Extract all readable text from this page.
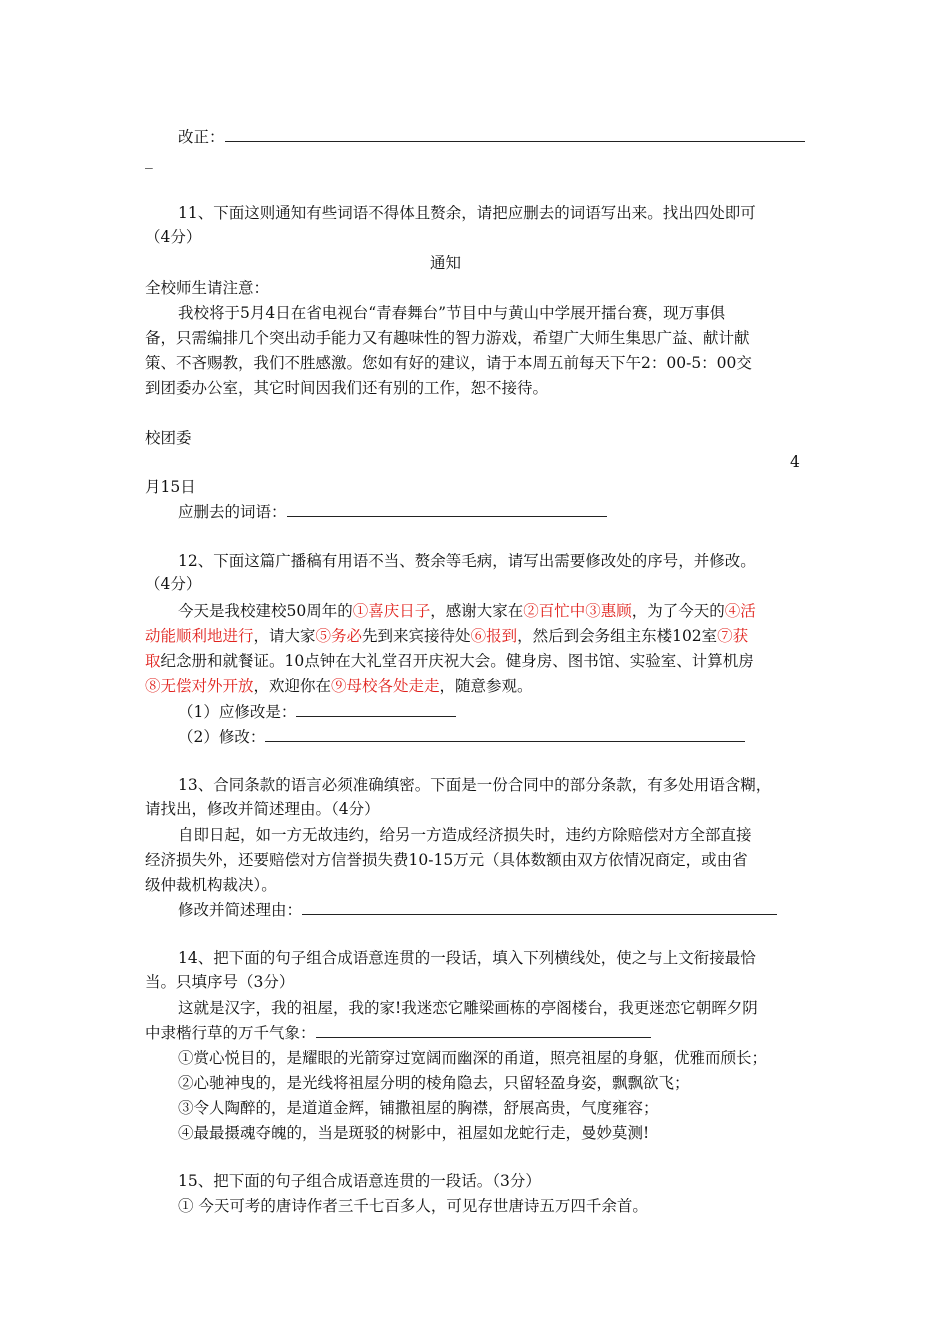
改正：
_
11、下面这则通知有些词语不得体且赘余，请把应删去的词语写出来。找出四处即可
（4分）
通知
全校师生请注意：
我校将于5月4日在省电视台“青春舞台”节目中与黄山中学展开擂台赛，现万事俱
备，只需编排几个突出动手能力又有趣味性的智力游戏，希望广大师生集思广益、献计献
策、不吝赐教，我们不胜感激。您如有好的建议，请于本周五前每天下午2：00-5：00交
到团委办公室，其它时间因我们还有别的工作，恕不接待。
校团委
4
月15日
应删去的词语：
12、下面这篇广播稿有用语不当、赘余等毛病，请写出需要修改处的序号，并修改。
（4分）
今天是我校建校50周年的①喜庆日子，感谢大家在②百忙中③惠顾，为了今天的④活
动能顺利地进行，请大家⑤务必先到来宾接待处⑥报到，然后到会务组主东楼102室⑦获
取纪念册和就餐证。10点钟在大礼堂召开庆祝大会。健身房、图书馆、实验室、计算机房
⑧无偿对外开放，欢迎你在⑨母校各处走走，随意参观。
（1）应修改是：
（2）修改：
13、合同条款的语言必须准确缜密。下面是一份合同中的部分条款，有多处用语含糊，
请找出，修改并简述理由。（4分）
自即日起，如一方无故违约，给另一方造成经济损失时，违约方除赔偿对方全部直接
经济损失外，还要赔偿对方信誉损失费10-15万元（具体数额由双方依情况商定，或由省
级仲裁机构裁决）。
修改并简述理由：
14、把下面的句子组合成语意连贯的一段话，填入下列横线处，使之与上文衔接最恰
当。只填序号（3分）
这就是汉字，我的祖屋，我的家!我迷恋它雕梁画栋的亭阁楼台，我更迷恋它朝晖夕阴
中隶楷行草的万千气象：
①赏心悦目的，是耀眼的光箭穿过宽阔而幽深的甬道，照亮祖屋的身躯，优雅而颀长；
②心驰神曳的，是光线将祖屋分明的棱角隐去，只留轻盈身姿，飘飘欲飞；
③令人陶醉的，是道道金辉，铺撒祖屋的胸襟，舒展高贵，气度雍容；
④最最摄魂夺魄的，当是斑驳的树影中，祖屋如龙蛇行走，曼妙莫测!
15、把下面的句子组合成语意连贯的一段话。（3分）
① 今天可考的唐诗作者三千七百多人，可见存世唐诗五万四千余首。
